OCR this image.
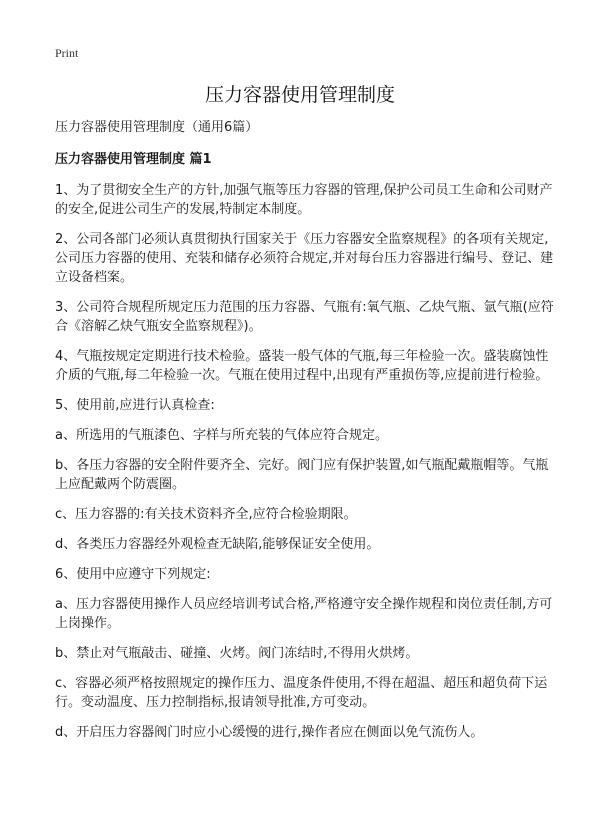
Print
压力容器使用管理制度

压力容器使用管理制度（通用6篇）

压力容器使用管理制度 篇1

1、为了贯彻安全生产的方针,加强气瓶等压力容器的管理,保护公司员工生命和公司财产的安全,促进公司生产的发展,特制定本制度。

2、公司各部门必须认真贯彻执行国家关于《压力容器安全监察规程》的各项有关规定,公司压力容器的使用、充装和储存必须符合规定,并对每台压力容器进行编号、登记、建立设备档案。

3、公司符合规程所规定压力范围的压力容器、气瓶有:氧气瓶、乙炔气瓶、氩气瓶(应符合《溶解乙炔气瓶安全监察规程》)。

4、气瓶按规定定期进行技术检验。盛装一般气体的气瓶,每三年检验一次。盛装腐蚀性介质的气瓶,每二年检验一次。气瓶在使用过程中,出现有严重损伤等,应提前进行检验。

5、使用前,应进行认真检查:

a、所选用的气瓶漆色、字样与所充装的气体应符合规定。

b、各压力容器的安全附件要齐全、完好。阀门应有保护装置,如气瓶配戴瓶帽等。气瓶上应配戴两个防震圈。

c、压力容器的:有关技术资料齐全,应符合检验期限。

d、各类压力容器经外观检查无缺陷,能够保证安全使用。

6、使用中应遵守下列规定:

a、压力容器使用操作人员应经培训考试合格,严格遵守安全操作规程和岗位责任制,方可上岗操作。

b、禁止对气瓶敲击、碰撞、火烤。阀门冻结时,不得用火烘烤。

c、容器必须严格按照规定的操作压力、温度条件使用,不得在超温、超压和超负荷下运行。变动温度、压力控制指标,报请领导批准,方可变动。

d、开启压力容器阀门时应小心缓慢的进行,操作者应在侧面以免气流伤人。
